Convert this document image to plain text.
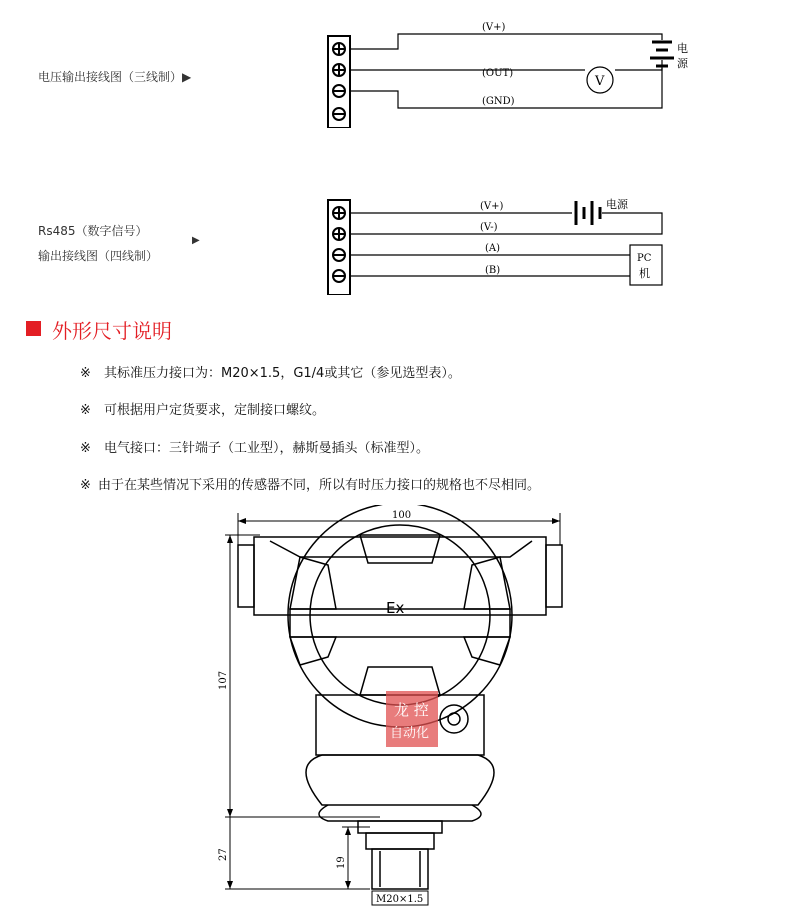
电压输出接线图（三线制）▶
(V+)
(OUT)
(GND)
V
电
源
Rs485（数字信号）
输出接线图（四线制）
▶
(V+)
(V-)
(A)
(B)
电源
PC
机
外形尺寸说明
※ 其标准压力接口为：M20×1.5，G1/4或其它（参见选型表）。
※ 可根据用户定货要求，定制接口螺纹。
※ 电气接口：三针端子（工业型），赫斯曼插头（标准型）。
※ 由于在某些情况下采用的传感器不同，所以有时压力接口的规格也不尽相同。
100
107
27
19
Ex
龙 控
自动化
M20×1.5
